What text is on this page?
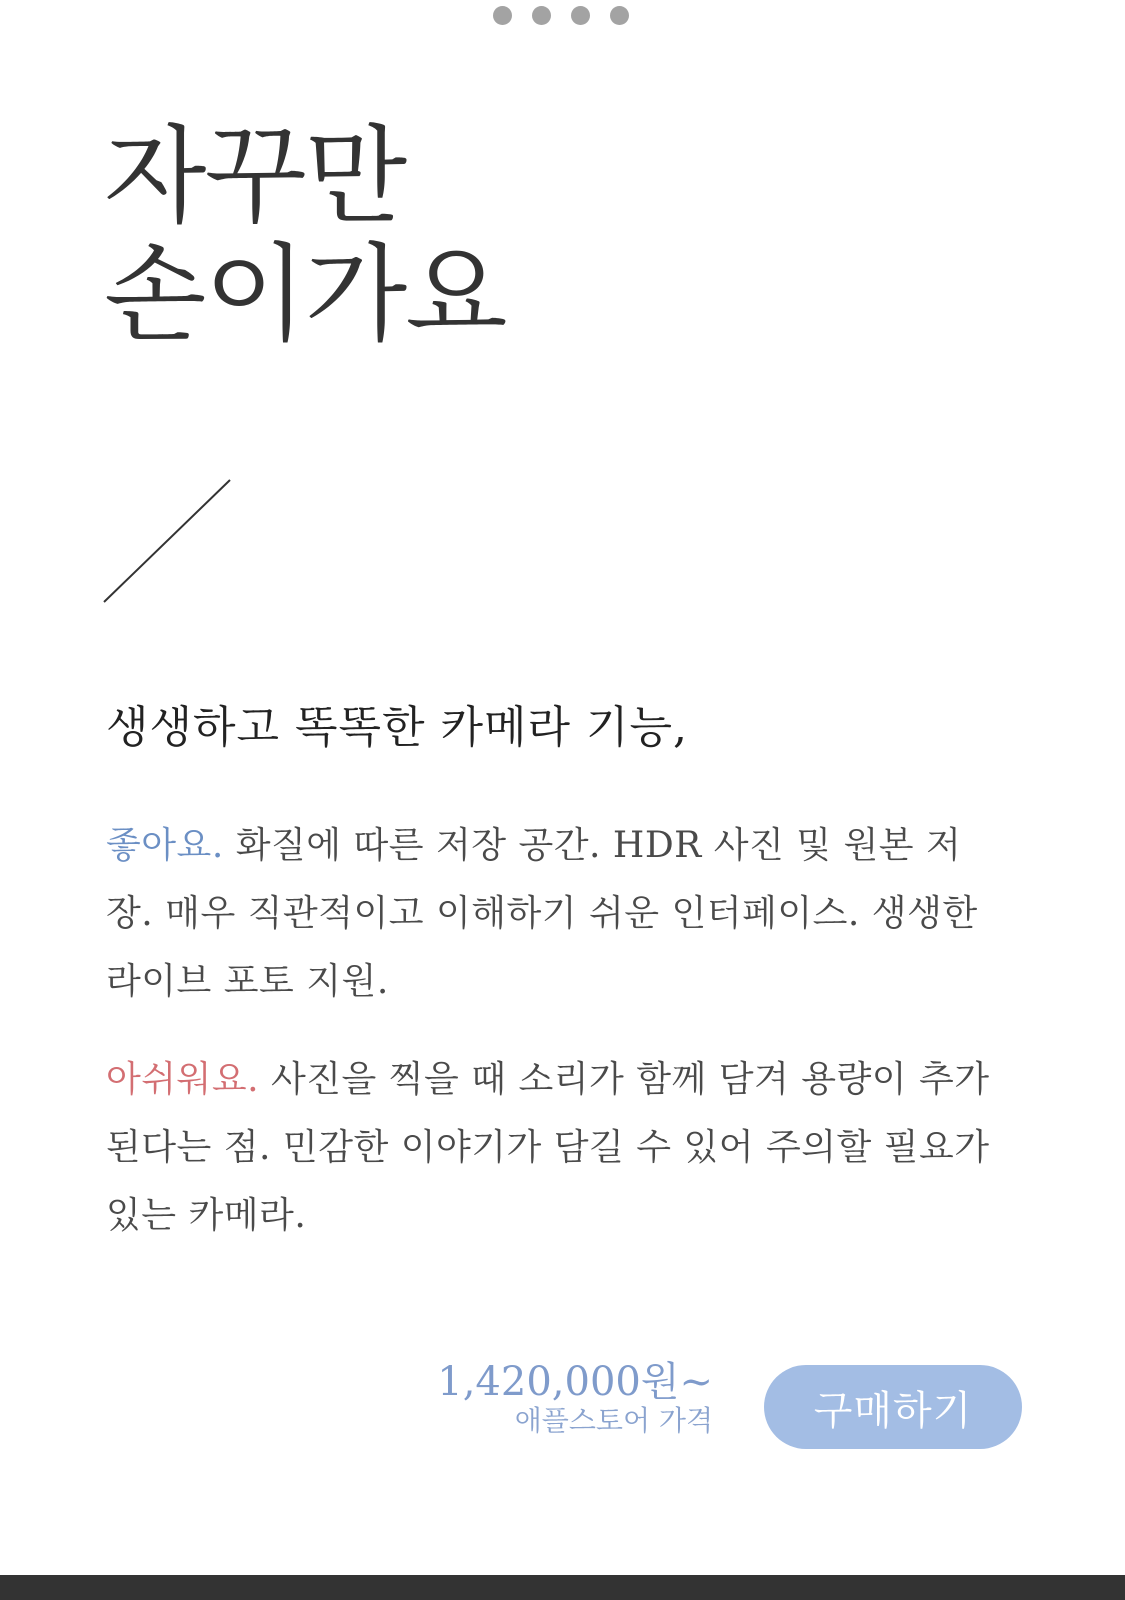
자꾸만
손이가요
생생하고 똑똑한 카메라 기능,

좋아요. 화질에 따른 저장 공간. HDR 사진 및 원본 저장. 매우 직관적이고 이해하기 쉬운 인터페이스. 생생한 라이브 포토 지원.

아쉬워요. 사진을 찍을 때 소리가 함께 담겨 용량이 추가된다는 점. 민감한 이야기가 담길 수 있어 주의할 필요가 있는 카메라.

1,420,000원~
애플스토어 가격	구매하기
